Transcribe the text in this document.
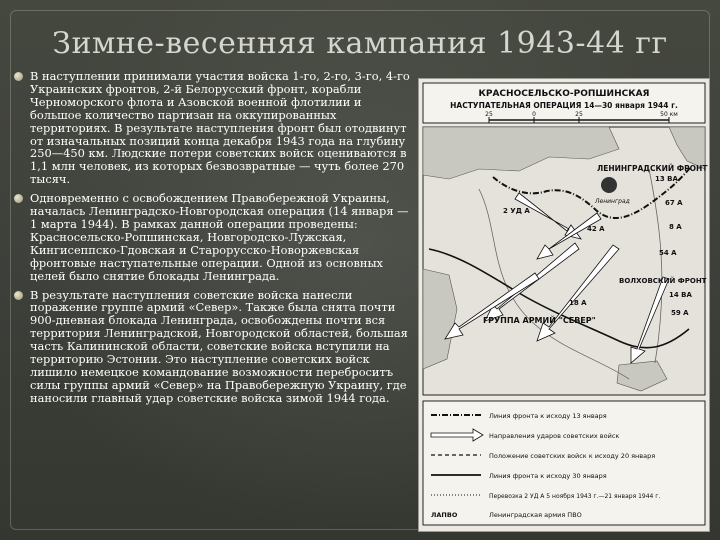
Зимне-весенняя кампания 1943-44 гг
В наступлении принимали участия войска 1-го, 2-го, 3-го, 4-го Украинских фронтов, 2-й Белорусский фронт, корабли Черноморского флота и Азовской военной флотилии и большое количество партизан на оккупированных территориях. В результате наступления фронт был отодвинут от изначальных позиций конца декабря 1943 года на глубину 250—450 км. Людские потери советских войск оцениваются в 1,1 млн человек, из которых безвозвратные — чуть более 270 тысяч.
Одновременно с освобождением Правобережной Украины, началась Ленинградско-Новгородская операция (14 января — 1 марта 1944). В рамках данной операции проведены: Красносельско-Ропшинская, Новгородско-Лужская, Кингисеппско-Гдовская и Старорусско-Новоржевская фронтовые наступательные операции. Одной из основных целей было снятие блокады Ленинграда.
В результате наступления советские войска нанесли поражение группе армий «Север». Также была снята почти 900-дневная блокада Ленинграда, освобождены почти вся территория Ленинградской, Новгородской областей, большая часть Калининской области, советские войска вступили на территорию Эстонии. Это наступление советских войск лишило немецкое командование возможности переброситъ силы группы армий «Север» на Правобережную Украину, где наносили главный удар советские войска зимой 1944 года.
КРАСНОСЕЛЬСКО-РОПШИНСКАЯ
НАСТУПАТЕЛЬНАЯ ОПЕРАЦИЯ 14—30 января 1944 г.
25	0	25	50 км
Ленинград
ЛЕНИНГРАДСКИЙ ФРОНТ
13 ВА
67 А
2 УД А
42 А	8 А
54 А
ВОЛХОВСКИЙ ФРОНТ
14 ВА
59 А
ГРУППА АРМИЙ "СЕВЕР"
18 А
Линия фронта к исходу 13 января
Направления ударов советских войск
Положение советских войск к исходу 20 января
Линия фронта к исходу 30 января
Перевозка 2 УД А 5 ноября 1943 г.—21 января 1944 г.
ЛАПВО	Ленинградская армия ПВО
